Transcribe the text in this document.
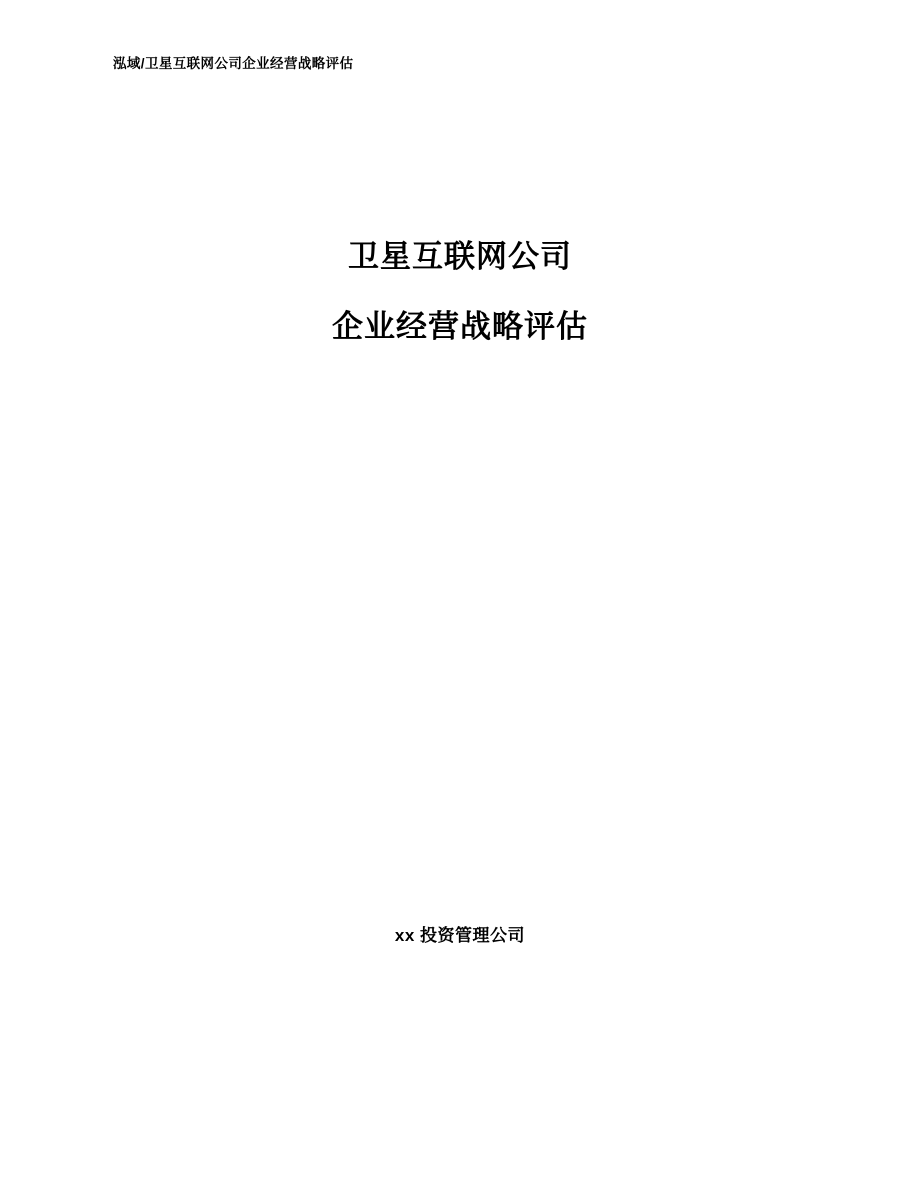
泓域/卫星互联网公司企业经营战略评估
卫星互联网公司
企业经营战略评估
xx 投资管理公司
